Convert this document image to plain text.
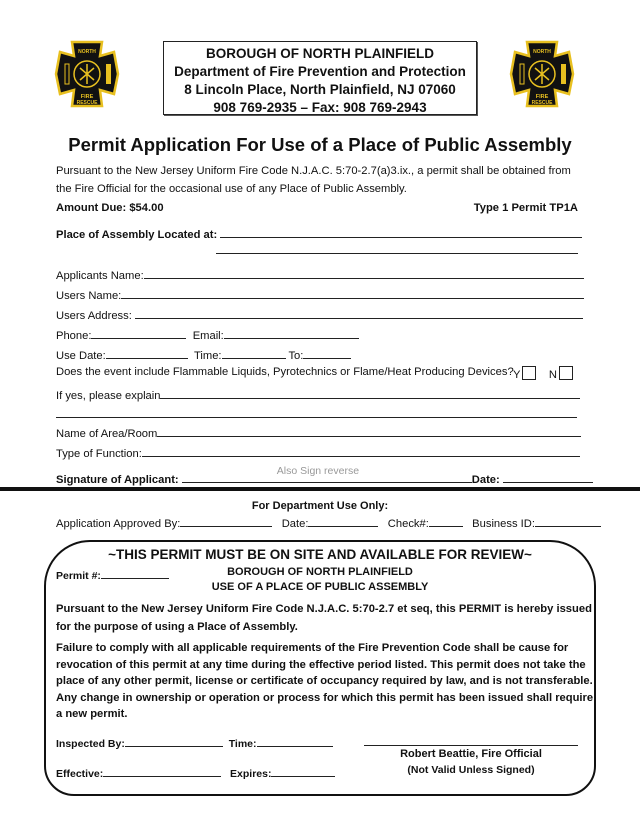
NORTH
FIRE
RESCUE
NORTH
FIRE
RESCUE
BOROUGH OF NORTH PLAINFIELD
Department of Fire Prevention and Protection
8 Lincoln Place, North Plainfield, NJ 07060
908 769-2935 – Fax: 908 769-2943
Permit Application For Use of a Place of Public Assembly
Pursuant to the New Jersey Uniform Fire Code N.J.A.C. 5:70-2.7(a)3.ix., a permit shall be obtained from
the Fire Official for the occasional use of any Place of Public Assembly.
Amount Due: $54.00	Type 1 Permit TP1A
Place of Assembly Located at:
Applicants Name:
Users Name:
Users Address:
Phone:	Email:
Use Date:	Time:	To:
Does the event include Flammable Liquids, Pyrotechnics or Flame/Heat Producing Devices? Y	N
If yes, please explain
Name of Area/Room
Type of Function:
Signature of Applicant:
Also Sign reverse
Date:
For Department Use Only:
Application Approved By:	Date:	Check#:	Business ID:
~THIS PERMIT MUST BE ON SITE AND AVAILABLE FOR REVIEW~
Permit #:	BOROUGH OF NORTH PLAINFIELD
USE OF A PLACE OF PUBLIC ASSEMBLY
Pursuant to the New Jersey Uniform Fire Code N.J.A.C. 5:70-2.7 et seq, this PERMIT is hereby issued
for the purpose of using a Place of Assembly.
Failure to comply with all applicable requirements of the Fire Prevention Code shall be cause for
revocation of this permit at any time during the effective period listed. This permit does not take the
place of any other permit, license or certificate of occupancy required by law, and is not transferable.
Any change in ownership or operation or process for which this permit has been issued shall require
a new permit.
Inspected By:	Time:
Robert Beattie, Fire Official
(Not Valid Unless Signed)
Effective:	Expires:
